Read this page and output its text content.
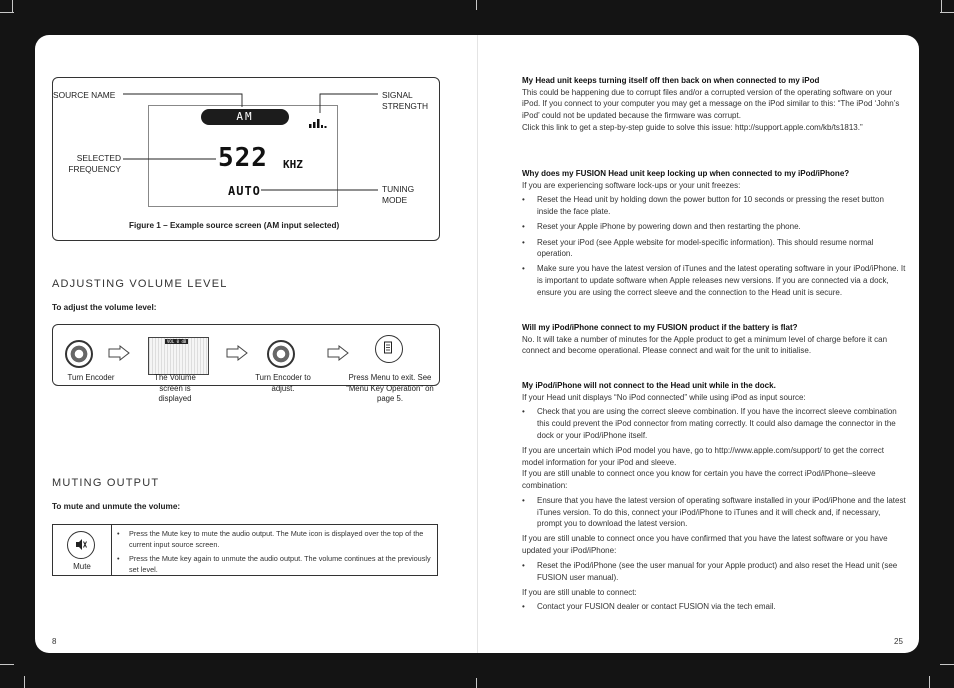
SOURCE NAME	SIGNAL STRENGTH
SELECTED FREQUENCY
TUNING MODE
AM
522 KHZ
AUTO
Figure 1 – Example source screen (AM input selected)
ADJUSTING VOLUME LEVEL
To adjust the volume level:
VOL 0 dB
Turn Encoder	The Volume screen is displayed
Turn Encoder to adjust.
Press Menu to exit. See “Menu Key Operation” on page 5.
MUTING OUTPUT
To mute and unmute the volume:
Mute
• Press the Mute key to mute the audio output. The Mute icon is displayed over the top of the current input source screen.
• Press the Mute key again to unmute the audio output. The volume continues at the previously set level.
8
My Head unit keeps turning itself off then back on when connected to my iPod

This could be happening due to corrupt files and/or a corrupted version of the operating software on your iPod. If you connect to your computer you may get a message on the iPod similar to this: “The iPod ‘John’s iPod’ could not be updated because the firmware was corrupt.

Click this link to get a step-by-step guide to solve this issue: http://support.apple.com/kb/ts1813.”

Why does my FUSION Head unit keep locking up when connected to my iPod/iPhone?

If you are experiencing software lock-ups or your unit freezes:

• Reset the Head unit by holding down the power button for 10 seconds or pressing the reset button inside the face plate.
• Reset your Apple iPhone by powering down and then restarting the phone.
• Reset your iPod (see Apple website for model-specific information). This should resume normal operation.
• Make sure you have the latest version of iTunes and the latest operating software in your iPod/iPhone. It is important to update software when Apple releases new versions. If you are connected via a dock, ensure you are using the correct sleeve and the connection to the Head unit is secure.
Will my iPod/iPhone connect to my FUSION product if the battery is flat?

No. It will take a number of minutes for the Apple product to get a minimum level of charge before it can connect and become operational. Please connect and wait for the unit to initialise.

My iPod/iPhone will not connect to the Head unit while in the dock.

If your Head unit displays “No iPod connected” while using iPod as input source:

• Check that you are using the correct sleeve combination. If you have the incorrect sleeve combination this could prevent the iPod connector from mating correctly. It could also damage the connector in the dock or your iPod/iPhone itself.

If you are uncertain which iPod model you have, go to http://www.apple.com/support/ to get the correct model information for your iPod and sleeve.

If you are still unable to connect once you know for certain you have the correct iPod/iPhone–sleeve combination:

• Ensure that you have the latest version of operating software installed in your iPod/iPhone and the latest iTunes version. To do this, connect your iPod/iPhone to iTunes and it will check and, if necessary, prompt you to download the latest version.

If you are still unable to connect once you have confirmed that you have the latest software or you have updated your iPod/iPhone:

• Reset the iPod/iPhone (see the user manual for your Apple product) and also reset the Head unit (see FUSION user manual).

If you are still unable to connect:

• Contact your FUSION dealer or contact FUSION via the tech email.
25
